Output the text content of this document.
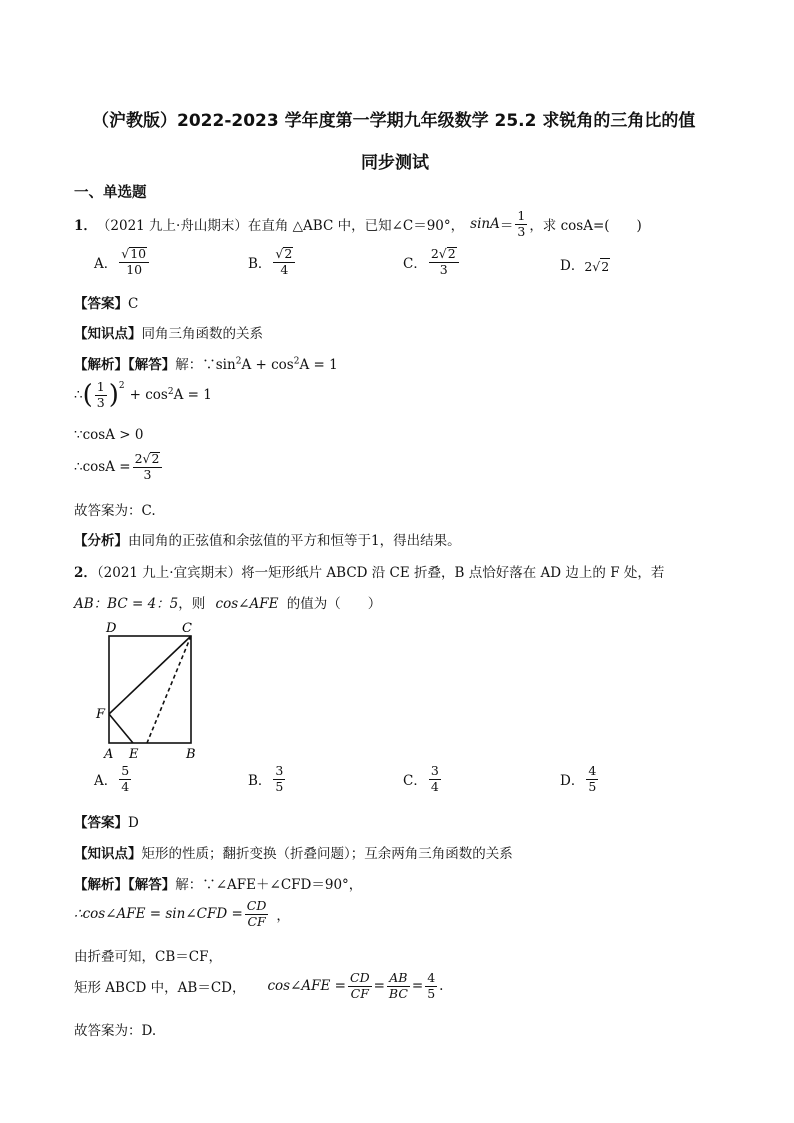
（沪教版）2022-2023 学年度第一学期九年级数学 25.2 求锐角的三角比的值
同步测试
一、单选题
1． （2021 九上·舟山期末） 在直角 △ABC 中，已知∠C＝90°， $\sin A = \frac{1}{3}$ ，求 cosA=(　　)
A． $\frac{√ 10}{10}$	B． $\frac{√ 2}{4}$	C． $\frac{2 √ 2}{3}$	D． 2 √ 2
【答案】C
【知识点】同角三角函数的关系
【解析】【解答】解：$\because\sin^2A + \cos^2A = 1$
∴ ( $\frac{1}{3} )^2$
+ $\cos^2 A = 1$
∵cosA > 0
∴cosA = $\frac{2 √ 2}{3}$
故答案为：C.
【分析】由同角的正弦值和余弦值的平方和恒等于1，得出结果。
2．（2021 九上·宜宾期末）将一矩形纸片 ABCD 沿 CE 折叠，B 点恰好落在 AD 边上的 F 处，若
AB：BC = 4：5，则 cos∠AFE 的值为（　　）
D	C
F
A E	B
A． $\frac{5}{4}$	B． $\frac{3}{5}$	C． $\frac{3}{4}$	D． $\frac{4}{5}$
【答案】D
【知识点】矩形的性质；翻折变换（折叠问题）；互余两角三角函数的关系
【解析】【解答】解：∵∠AFE＋∠CFD＝90°，
∴cos∠AFE = sin∠CFD = $\frac{CD}{CF}$ ，
由折叠可知，CB＝CF，
矩形 ABCD 中，AB＝CD， cos∠AFE = $\frac{CD}{CF} = \frac{AB}{BC} = \frac{4}{5}$ .
故答案为：D.
